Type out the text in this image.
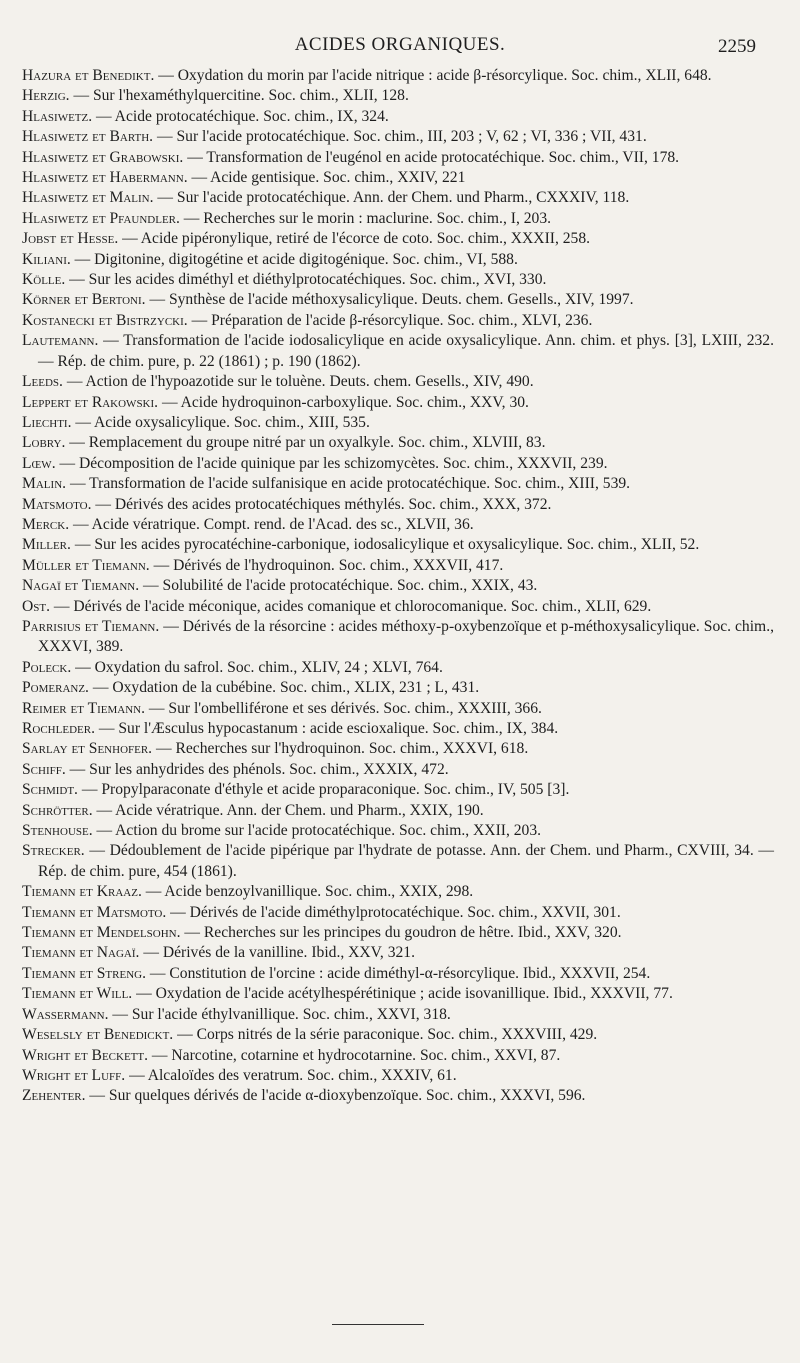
ACIDES ORGANIQUES.	2259
Hazura et Benedikt. — Oxydation du morin par l'acide nitrique : acide β-résorcylique. Soc. chim., XLII, 648.
Herzig. — Sur l'hexaméthylquercitine. Soc. chim., XLII, 128.
Hlasiwetz. — Acide protocatéchique. Soc. chim., IX, 324.
Hlasiwetz et Barth. — Sur l'acide protocatéchique. Soc. chim., III, 203 ; V, 62 ; VI, 336 ; VII, 431.
Hlasiwetz et Grabowski. — Transformation de l'eugénol en acide protocatéchique. Soc. chim., VII, 178.
Hlasiwetz et Habermann. — Acide gentisique. Soc. chim., XXIV, 221
Hlasiwetz et Malin. — Sur l'acide protocatéchique. Ann. der Chem. und Pharm., CXXXIV, 118.
Hlasiwetz et Pfaundler. — Recherches sur le morin : maclurine. Soc. chim., I, 203.
Jobst et Hesse. — Acide pipéronylique, retiré de l'écorce de coto. Soc. chim., XXXII, 258.
Kiliani. — Digitonine, digitogétine et acide digitogénique. Soc. chim., VI, 588.
Kölle. — Sur les acides diméthyl et diéthylprotocatéchiques. Soc. chim., XVI, 330.
Körner et Bertoni. — Synthèse de l'acide méthoxysalicylique. Deuts. chem. Gesells., XIV, 1997.
Kostanecki et Bistrzycki. — Préparation de l'acide β-résorcylique. Soc. chim., XLVI, 236.
Lautemann. — Transformation de l'acide iodosalicylique en acide oxysalicylique. Ann. chim. et phys. [3], LXIII, 232. — Rép. de chim. pure, p. 22 (1861) ; p. 190 (1862).
Leeds. — Action de l'hypoazotide sur le toluène. Deuts. chem. Gesells., XIV, 490.
Leppert et Rakowski. — Acide hydroquinon-carboxylique. Soc. chim., XXV, 30.
Liechti. — Acide oxysalicylique. Soc. chim., XIII, 535.
Lobry. — Remplacement du groupe nitré par un oxyalkyle. Soc. chim., XLVIII, 83.
Lœw. — Décomposition de l'acide quinique par les schizomycètes. Soc. chim., XXXVII, 239.
Malin. — Transformation de l'acide sulfanisique en acide protocatéchique. Soc. chim., XIII, 539.
Matsmoto. — Dérivés des acides protocatéchiques méthylés. Soc. chim., XXX, 372.
Merck. — Acide vératrique. Compt. rend. de l'Acad. des sc., XLVII, 36.
Miller. — Sur les acides pyrocatéchine-carbonique, iodosalicylique et oxysalicylique. Soc. chim., XLII, 52.
Müller et Tiemann. — Dérivés de l'hydroquinon. Soc. chim., XXXVII, 417.
Nagaï et Tiemann. — Solubilité de l'acide protocatéchique. Soc. chim., XXIX, 43.
Ost. — Dérivés de l'acide méconique, acides comanique et chlorocomanique. Soc. chim., XLII, 629.
Parrisius et Tiemann. — Dérivés de la résorcine : acides méthoxy-p-oxybenzoïque et p-méthoxysalicylique. Soc. chim., XXXVI, 389.
Poleck. — Oxydation du safrol. Soc. chim., XLIV, 24 ; XLVI, 764.
Pomeranz. — Oxydation de la cubébine. Soc. chim., XLIX, 231 ; L, 431.
Reimer et Tiemann. — Sur l'ombelliférone et ses dérivés. Soc. chim., XXXIII, 366.
Rochleder. — Sur l'Æsculus hypocastanum : acide escioxalique. Soc. chim., IX, 384.
Sarlay et Senhofer. — Recherches sur l'hydroquinon. Soc. chim., XXXVI, 618.
Schiff. — Sur les anhydrides des phénols. Soc. chim., XXXIX, 472.
Schmidt. — Propylparaconate d'éthyle et acide proparaconique. Soc. chim., IV, 505 [3].
Schrötter. — Acide vératrique. Ann. der Chem. und Pharm., XXIX, 190.
Stenhouse. — Action du brome sur l'acide protocatéchique. Soc. chim., XXII, 203.
Strecker. — Dédoublement de l'acide pipérique par l'hydrate de potasse. Ann. der Chem. und Pharm., CXVIII, 34. — Rép. de chim. pure, 454 (1861).
Tiemann et Kraaz. — Acide benzoylvanillique. Soc. chim., XXIX, 298.
Tiemann et Matsmoto. — Dérivés de l'acide diméthylprotocatéchique. Soc. chim., XXVII, 301.
Tiemann et Mendelsohn. — Recherches sur les principes du goudron de hêtre. Ibid., XXV, 320.
Tiemann et Nagaï. — Dérivés de la vanilline. Ibid., XXV, 321.
Tiemann et Streng. — Constitution de l'orcine : acide diméthyl-α-résorcylique. Ibid., XXXVII, 254.
Tiemann et Will. — Oxydation de l'acide acétylhespérétinique ; acide isovanillique. Ibid., XXXVII, 77.
Wassermann. — Sur l'acide éthylvanillique. Soc. chim., XXVI, 318.
Weselsly et Benedickt. — Corps nitrés de la série paraconique. Soc. chim., XXXVIII, 429.
Wright et Beckett. — Narcotine, cotarnine et hydrocotarnine. Soc. chim., XXVI, 87.
Wright et Luff. — Alcaloïdes des veratrum. Soc. chim., XXXIV, 61.
Zehenter. — Sur quelques dérivés de l'acide α-dioxybenzoïque. Soc. chim., XXXVI, 596.
